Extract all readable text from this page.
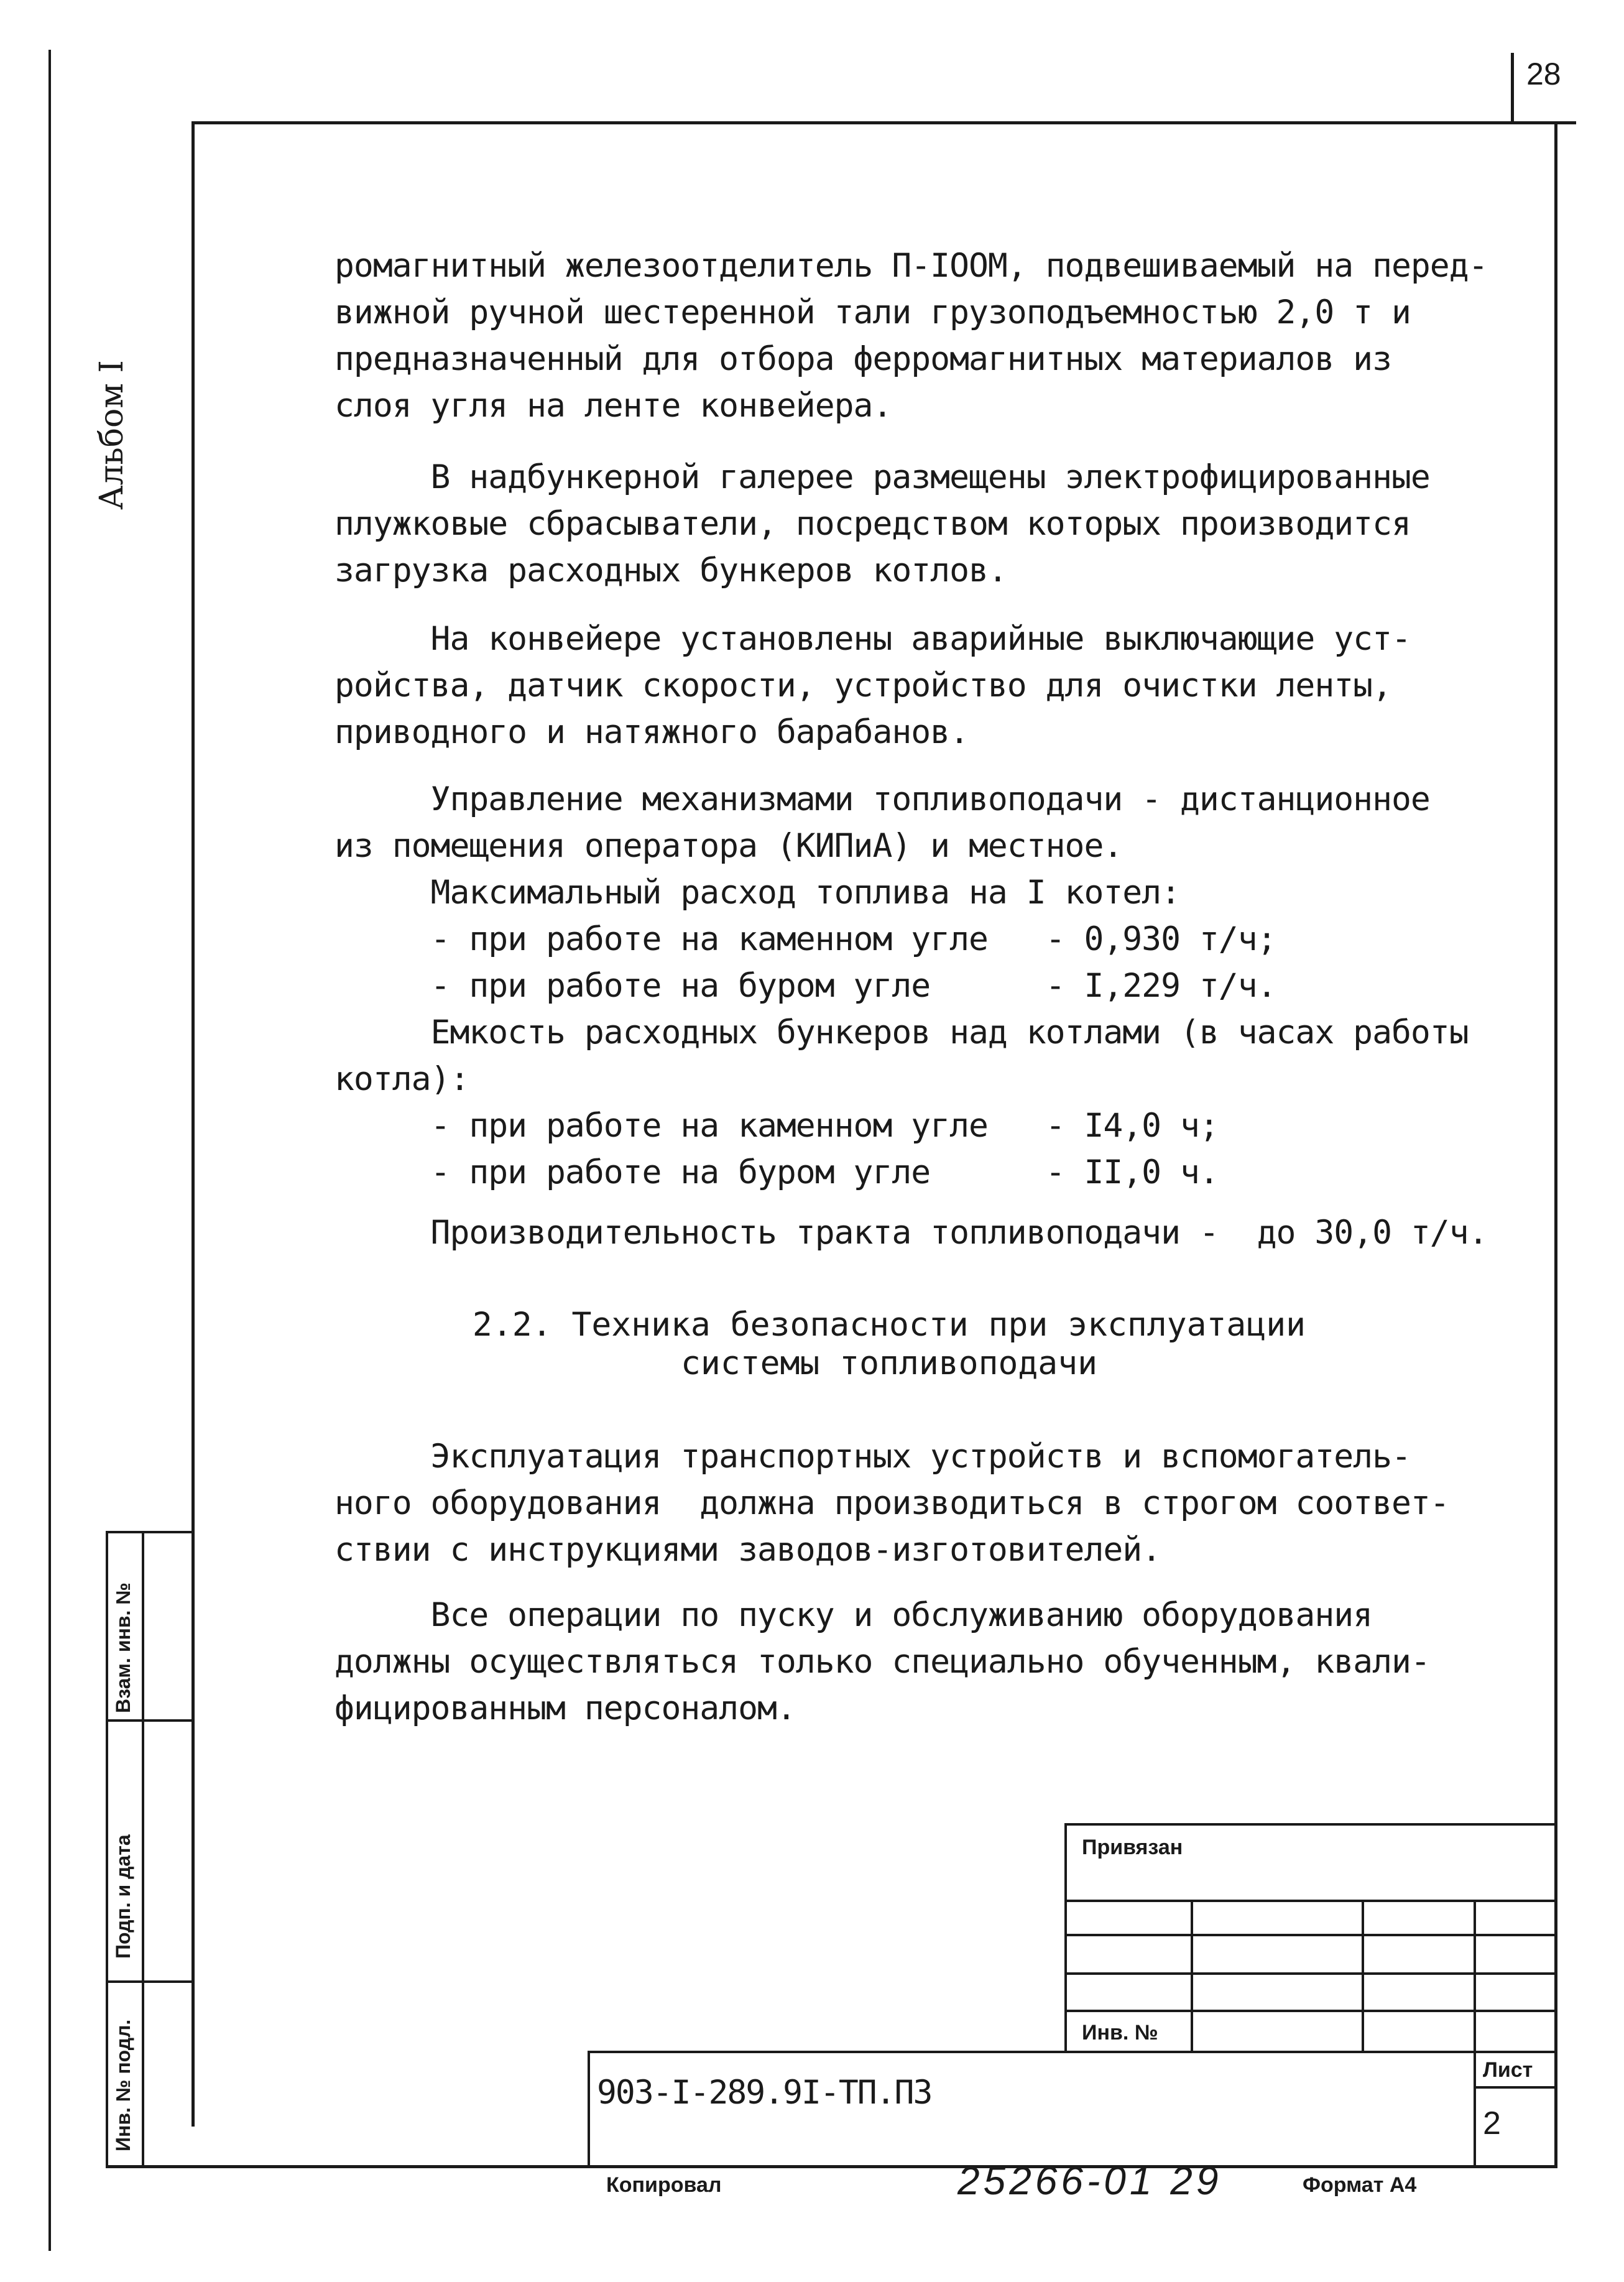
28
Альбом I

ромагнитный железоотделитель П-IOOM, подвешиваемый на перед-

вижной ручной шестеренной тали грузоподъемностью 2,0 т и

предназначенный для отбора ферромагнитных материалов из

слоя угля на ленте конвейера.

В надбункерной галерее размещены электрофицированные

плужковые сбрасыватели, посредством которых производится

загрузка расходных бункеров котлов.

На конвейере установлены аварийные выключающие уст-

ройства, датчик скорости, устройство для очистки ленты,

приводного и натяжного барабанов.

Управление механизмами топливоподачи - дистанционное

из помещения оператора (КИПиА) и местное.

Максимальный расход топлива на I котел:

- при работе на каменном угле   - 0,930 т/ч;

- при работе на буром угле      - I,229 т/ч.

Емкость расходных бункеров над котлами (в часах работы

котла):

- при работе на каменном угле   - I4,0 ч;

- при работе на буром угле      - II,0 ч.

Производительность тракта топливоподачи -  до 30,0 т/ч.

2.2. Техника безопасности при эксплуатации
системы топливоподачи

Эксплуатация транспортных устройств и вспомогатель-

ного оборудования  должна производиться в строгом соответ-

ствии с инструкциями заводов-изготовителей.

Все операции по пуску и обслуживанию оборудования

должны осуществляться только специально обученным, квали-

фицированным персоналом.

Взам. инв. №
Подп. и дата
Инв. № подл.
Привязан
Инв. №
903-I-289.9I-ТП.ПЗ
Лист
2
Копировал	25266-01 29	Формат А4
